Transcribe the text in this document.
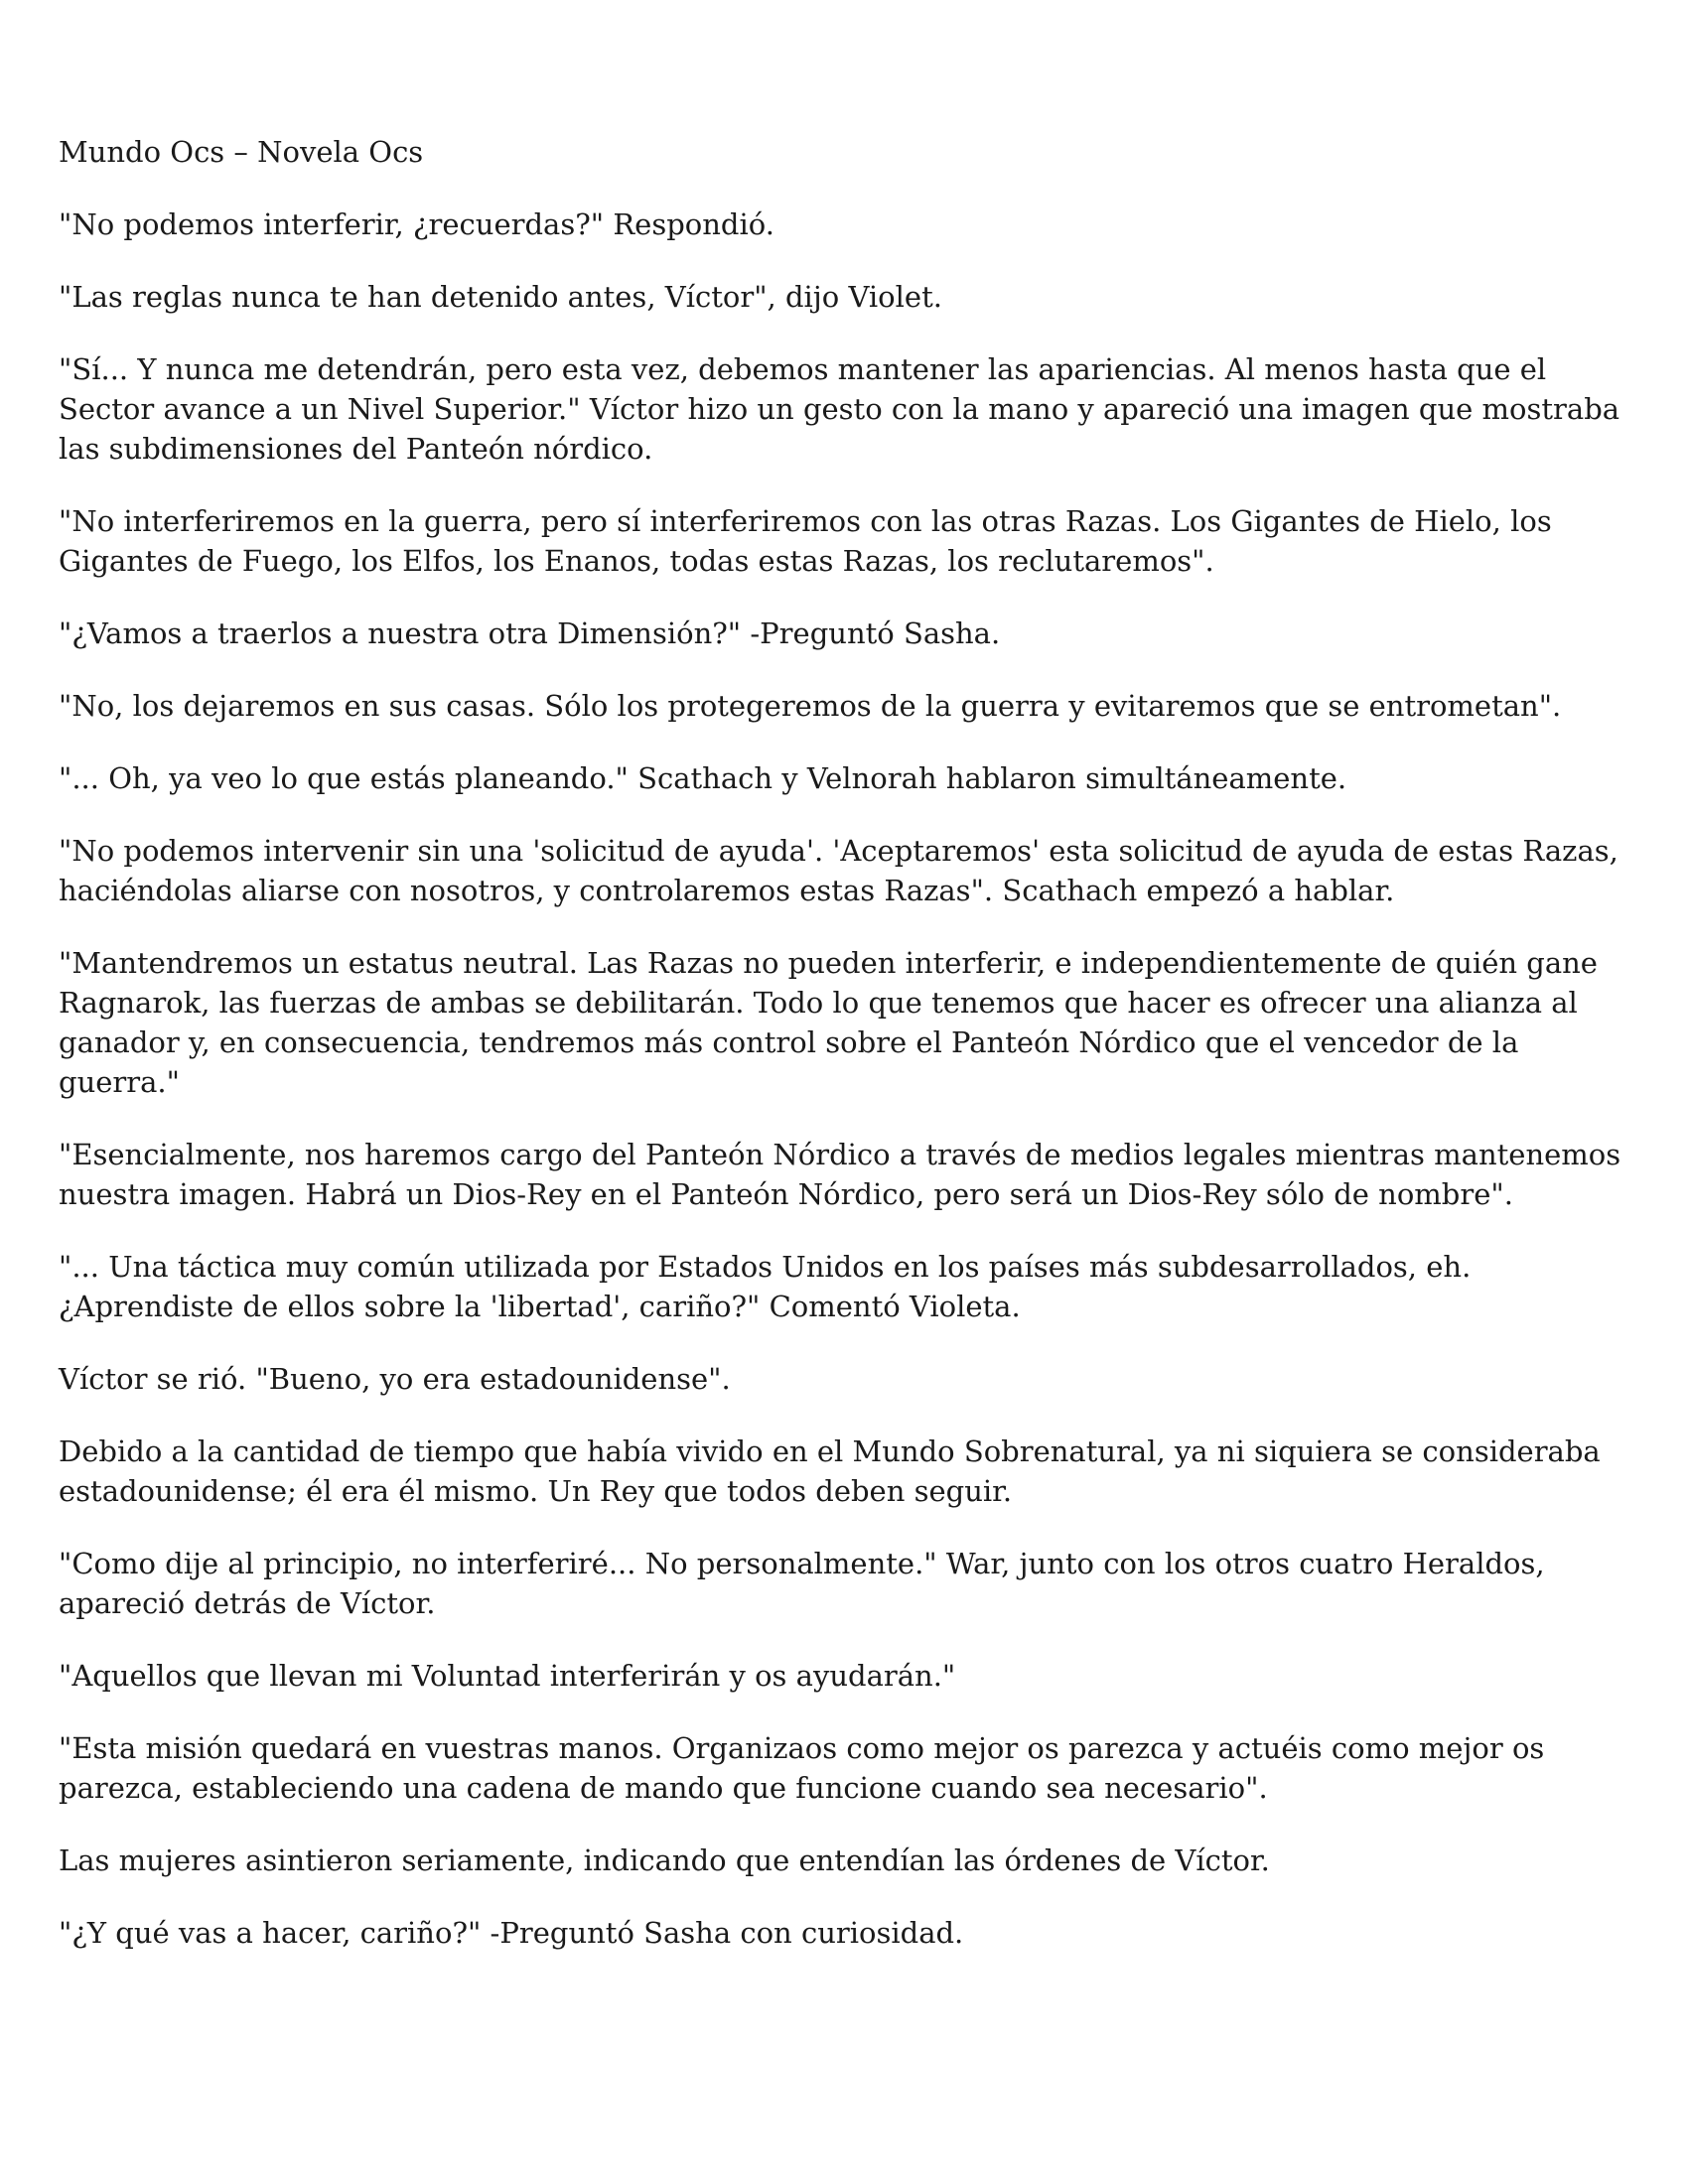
Mundo Ocs – Novela Ocs

"No podemos interferir, ¿recuerdas?" Respondió.

"Las reglas nunca te han detenido antes, Víctor", dijo Violet.

"Sí... Y nunca me detendrán, pero esta vez, debemos mantener las apariencias. Al menos hasta que el Sector avance a un Nivel Superior." Víctor hizo un gesto con la mano y apareció una imagen que mostraba las subdimensiones del Panteón nórdico.

"No interferiremos en la guerra, pero sí interferiremos con las otras Razas. Los Gigantes de Hielo, los Gigantes de Fuego, los Elfos, los Enanos, todas estas Razas, los reclutaremos".

"¿Vamos a traerlos a nuestra otra Dimensión?" -Preguntó Sasha.

"No, los dejaremos en sus casas. Sólo los protegeremos de la guerra y evitaremos que se entrometan".

"... Oh, ya veo lo que estás planeando." Scathach y Velnorah hablaron simultáneamente.

"No podemos intervenir sin una 'solicitud de ayuda'. 'Aceptaremos' esta solicitud de ayuda de estas Razas, haciéndolas aliarse con nosotros, y controlaremos estas Razas". Scathach empezó a hablar.

"Mantendremos un estatus neutral. Las Razas no pueden interferir, e independientemente de quién gane Ragnarok, las fuerzas de ambas se debilitarán. Todo lo que tenemos que hacer es ofrecer una alianza al ganador y, en consecuencia, tendremos más control sobre el Panteón Nórdico que el vencedor de la guerra."

"Esencialmente, nos haremos cargo del Panteón Nórdico a través de medios legales mientras mantenemos nuestra imagen. Habrá un Dios-Rey en el Panteón Nórdico, pero será un Dios-Rey sólo de nombre".

"... Una táctica muy común utilizada por Estados Unidos en los países más subdesarrollados, eh. ¿Aprendiste de ellos sobre la 'libertad', cariño?" Comentó Violeta.

Víctor se rió. "Bueno, yo era estadounidense".

Debido a la cantidad de tiempo que había vivido en el Mundo Sobrenatural, ya ni siquiera se consideraba estadounidense; él era él mismo. Un Rey que todos deben seguir.

"Como dije al principio, no interferiré... No personalmente." War, junto con los otros cuatro Heraldos, apareció detrás de Víctor.

"Aquellos que llevan mi Voluntad interferirán y os ayudarán."

"Esta misión quedará en vuestras manos. Organizaos como mejor os parezca y actuéis como mejor os parezca, estableciendo una cadena de mando que funcione cuando sea necesario".

Las mujeres asintieron seriamente, indicando que entendían las órdenes de Víctor.

"¿Y qué vas a hacer, cariño?" -Preguntó Sasha con curiosidad.
